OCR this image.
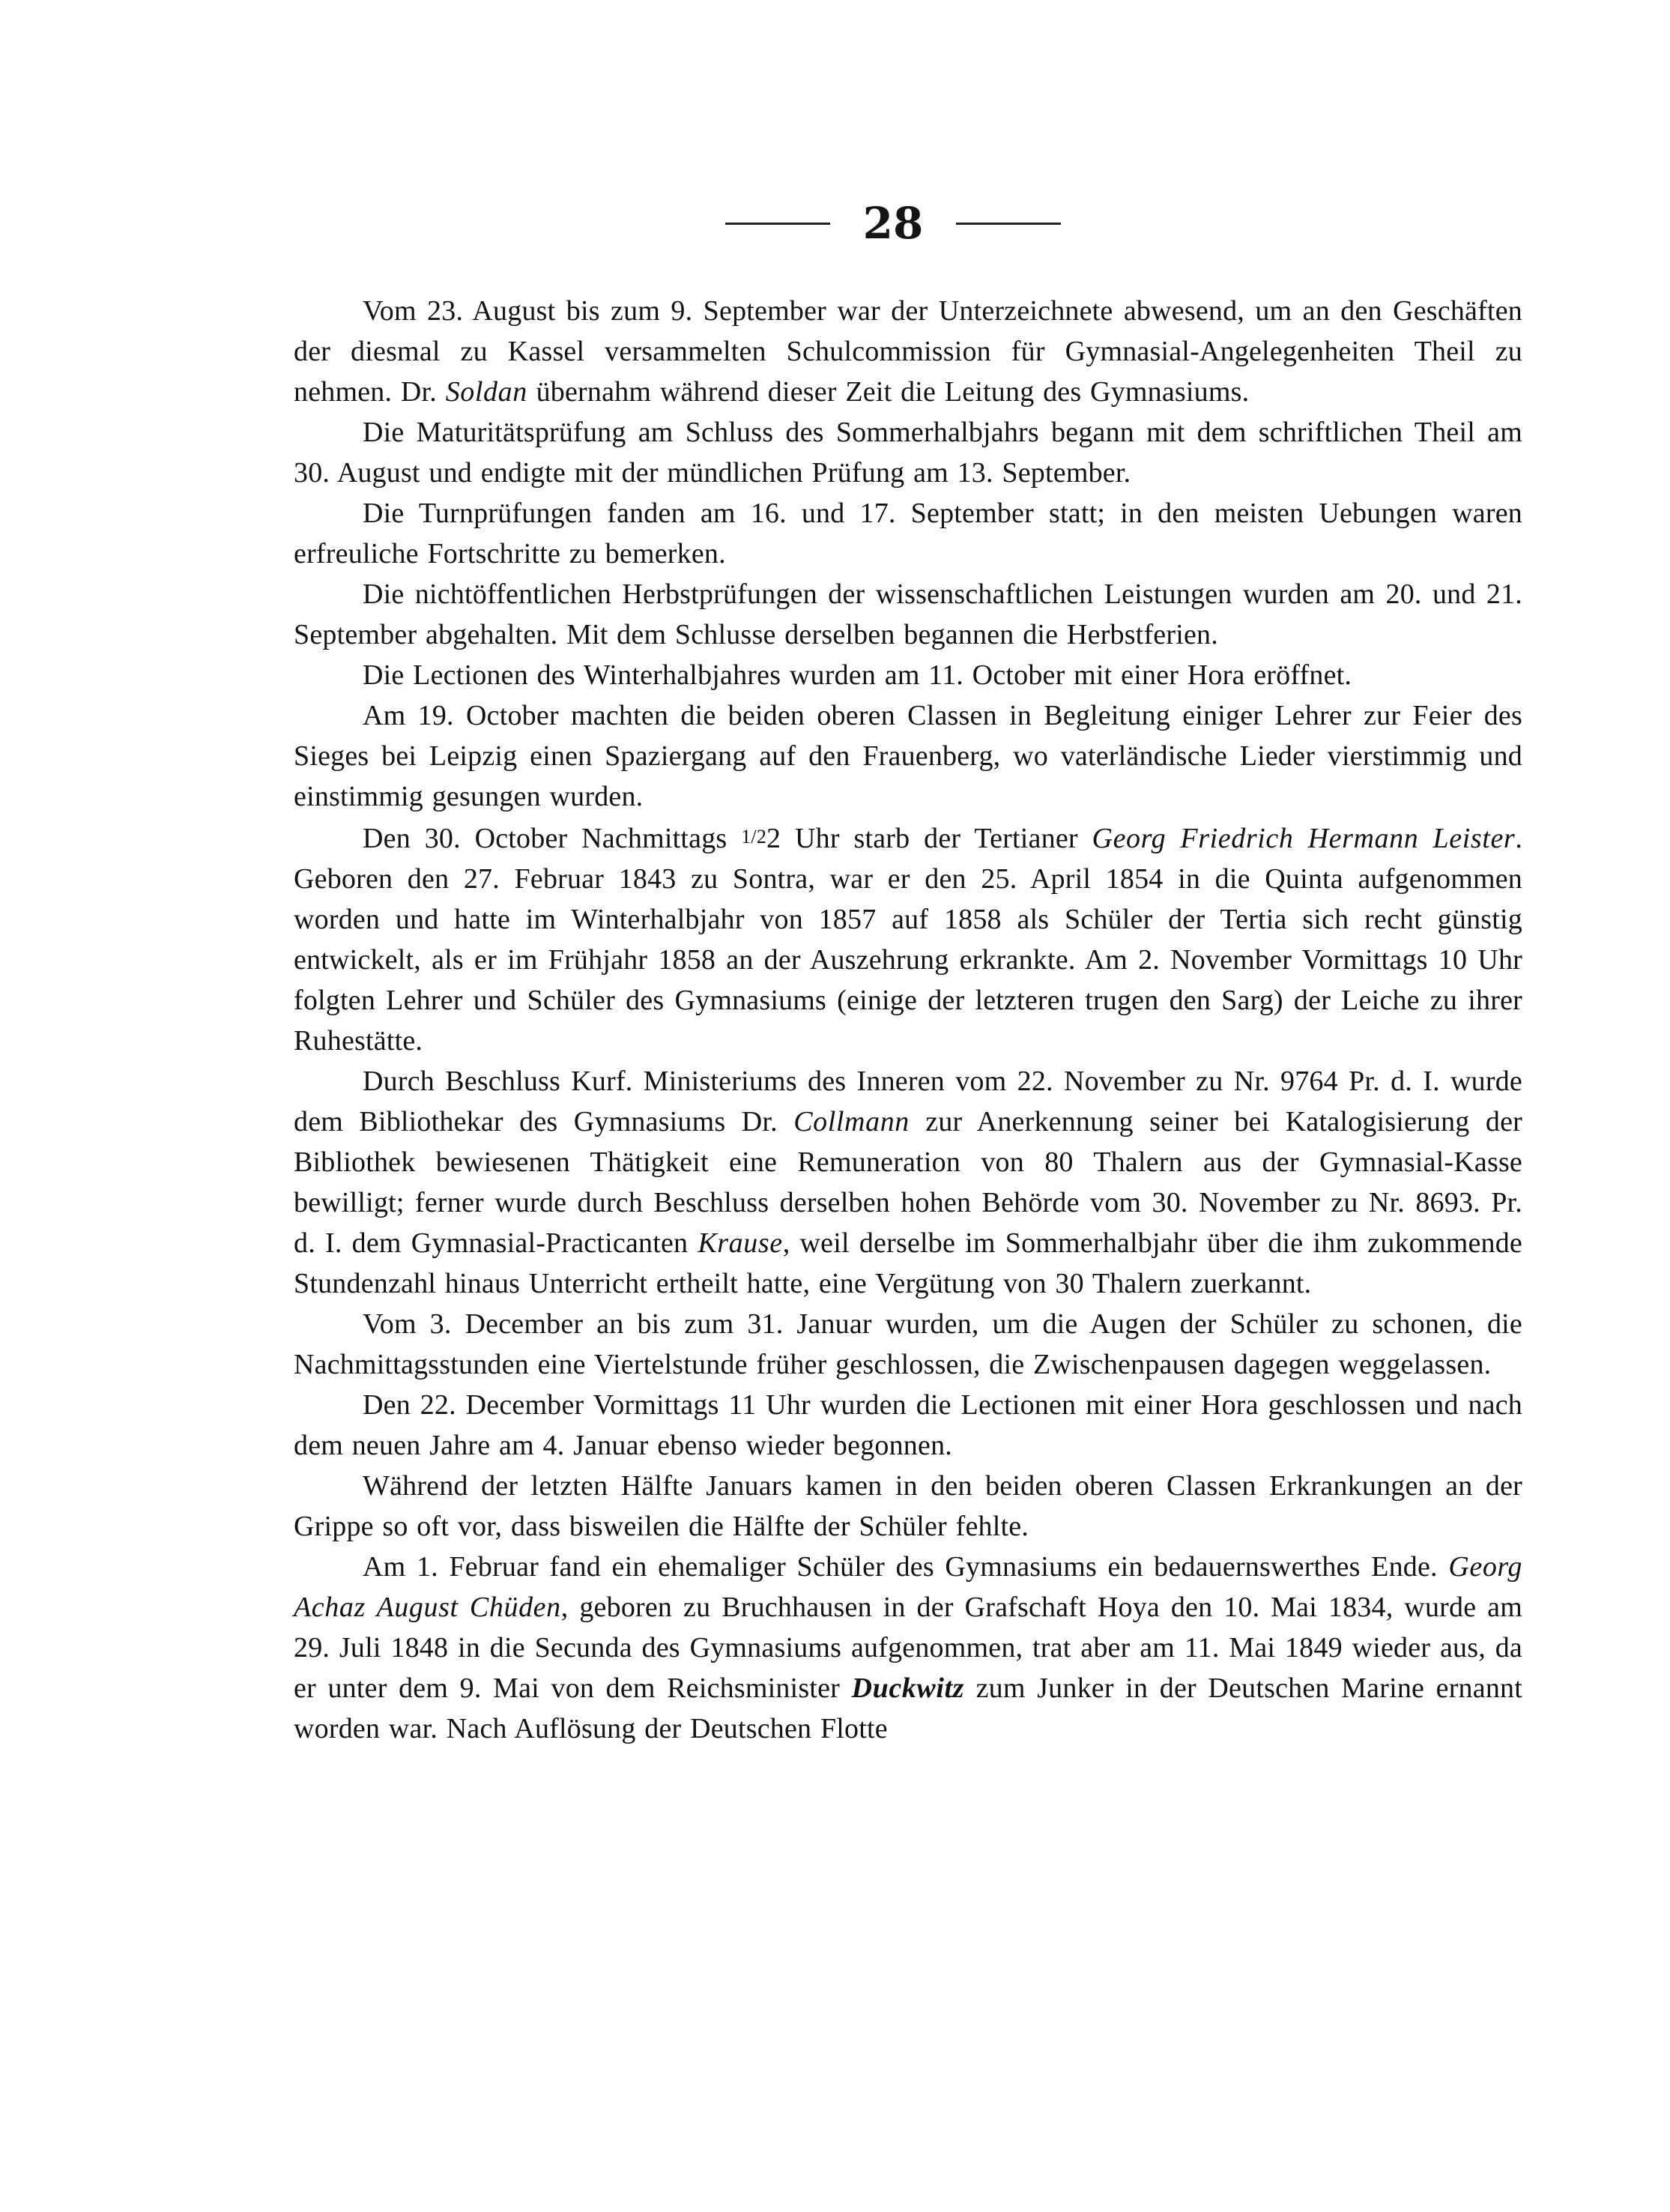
28

Vom 23. August bis zum 9. September war der Unterzeichnete abwesend, um an den Geschäften der diesmal zu Kassel versammelten Schulcommission für Gymnasial-Angelegenheiten Theil zu nehmen. Dr. Soldan übernahm während dieser Zeit die Leitung des Gymnasiums.

Die Maturitätsprüfung am Schluss des Sommerhalbjahrs begann mit dem schriftlichen Theil am 30. August und endigte mit der mündlichen Prüfung am 13. September.

Die Turnprüfungen fanden am 16. und 17. September statt; in den meisten Uebungen waren erfreuliche Fortschritte zu bemerken.

Die nichtöffentlichen Herbstprüfungen der wissenschaftlichen Leistungen wurden am 20. und 21. September abgehalten. Mit dem Schlusse derselben begannen die Herbstferien.

Die Lectionen des Winterhalbjahres wurden am 11. October mit einer Hora eröffnet.

Am 19. October machten die beiden oberen Classen in Begleitung einiger Lehrer zur Feier des Sieges bei Leipzig einen Spaziergang auf den Frauenberg, wo vaterländische Lieder vierstimmig und einstimmig gesungen wurden.

Den 30. October Nachmittags 1/22 Uhr starb der Tertianer Georg Friedrich Hermann Leister. Geboren den 27. Februar 1843 zu Sontra, war er den 25. April 1854 in die Quinta aufgenommen worden und hatte im Winterhalbjahr von 1857 auf 1858 als Schüler der Tertia sich recht günstig entwickelt, als er im Frühjahr 1858 an der Auszehrung erkrankte. Am 2. November Vormittags 10 Uhr folgten Lehrer und Schüler des Gymnasiums (einige der letzteren trugen den Sarg) der Leiche zu ihrer Ruhestätte.

Durch Beschluss Kurf. Ministeriums des Inneren vom 22. November zu Nr. 9764 Pr. d. I. wurde dem Bibliothekar des Gymnasiums Dr. Collmann zur Anerkennung seiner bei Katalogisierung der Bibliothek bewiesenen Thätigkeit eine Remuneration von 80 Thalern aus der Gymnasial-Kasse bewilligt; ferner wurde durch Beschluss derselben hohen Behörde vom 30. November zu Nr. 8693. Pr. d. I. dem Gymnasial-Practicanten Krause, weil derselbe im Sommerhalbjahr über die ihm zukommende Stundenzahl hinaus Unterricht ertheilt hatte, eine Vergütung von 30 Thalern zuerkannt.

Vom 3. December an bis zum 31. Januar wurden, um die Augen der Schüler zu schonen, die Nachmittagsstunden eine Viertelstunde früher geschlossen, die Zwischenpausen dagegen weggelassen.

Den 22. December Vormittags 11 Uhr wurden die Lectionen mit einer Hora geschlossen und nach dem neuen Jahre am 4. Januar ebenso wieder begonnen.

Während der letzten Hälfte Januars kamen in den beiden oberen Classen Erkrankungen an der Grippe so oft vor, dass bisweilen die Hälfte der Schüler fehlte.

Am 1. Februar fand ein ehemaliger Schüler des Gymnasiums ein bedauernswerthes Ende. Georg Achaz August Chüden, geboren zu Bruchhausen in der Grafschaft Hoya den 10. Mai 1834, wurde am 29. Juli 1848 in die Secunda des Gymnasiums aufgenommen, trat aber am 11. Mai 1849 wieder aus, da er unter dem 9. Mai von dem Reichsminister Duckwitz zum Junker in der Deutschen Marine ernannt worden war. Nach Auflösung der Deutschen Flotte
